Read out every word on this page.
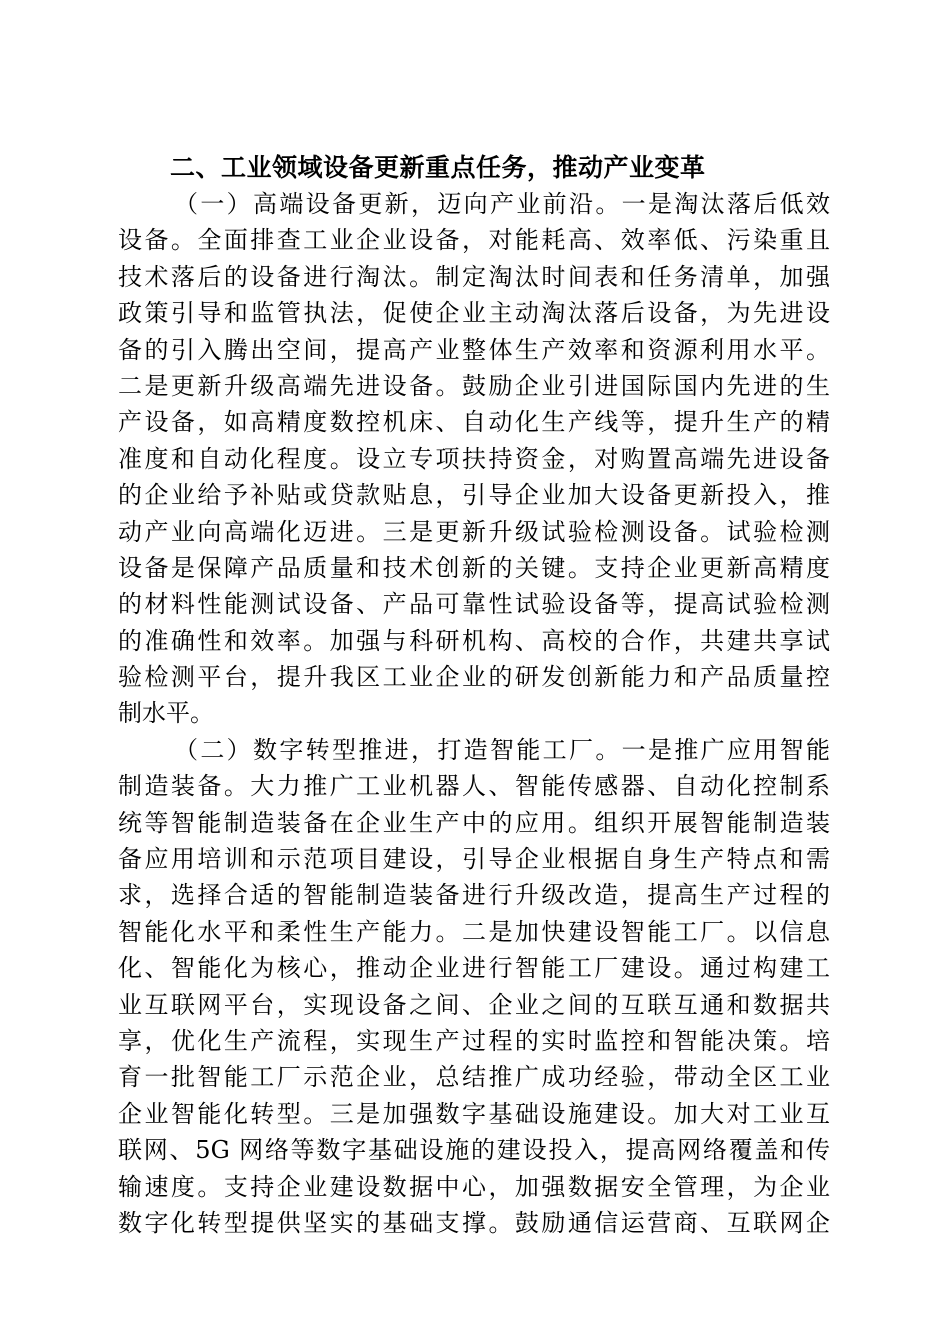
二、工业领域设备更新重点任务，推动产业变革
（一）高端设备更新，迈向产业前沿。一是淘汰落后低效
设备。全面排查工业企业设备，对能耗高、效率低、污染重且
技术落后的设备进行淘汰。制定淘汰时间表和任务清单，加强
政策引导和监管执法，促使企业主动淘汰落后设备，为先进设
备的引入腾出空间，提高产业整体生产效率和资源利用水平。
二是更新升级高端先进设备。鼓励企业引进国际国内先进的生
产设备，如高精度数控机床、自动化生产线等，提升生产的精
准度和自动化程度。设立专项扶持资金，对购置高端先进设备
的企业给予补贴或贷款贴息，引导企业加大设备更新投入，推
动产业向高端化迈进。三是更新升级试验检测设备。试验检测
设备是保障产品质量和技术创新的关键。支持企业更新高精度
的材料性能测试设备、产品可靠性试验设备等，提高试验检测
的准确性和效率。加强与科研机构、高校的合作，共建共享试
验检测平台，提升我区工业企业的研发创新能力和产品质量控
制水平。
（二）数字转型推进，打造智能工厂。一是推广应用智能
制造装备。大力推广工业机器人、智能传感器、自动化控制系
统等智能制造装备在企业生产中的应用。组织开展智能制造装
备应用培训和示范项目建设，引导企业根据自身生产特点和需
求，选择合适的智能制造装备进行升级改造，提高生产过程的
智能化水平和柔性生产能力。二是加快建设智能工厂。以信息
化、智能化为核心，推动企业进行智能工厂建设。通过构建工
业互联网平台，实现设备之间、企业之间的互联互通和数据共
享，优化生产流程，实现生产过程的实时监控和智能决策。培
育一批智能工厂示范企业，总结推广成功经验，带动全区工业
企业智能化转型。三是加强数字基础设施建设。加大对工业互
联网、5G 网络等数字基础设施的建设投入，提高网络覆盖和传
输速度。支持企业建设数据中心，加强数据安全管理，为企业
数字化转型提供坚实的基础支撑。鼓励通信运营商、互联网企
